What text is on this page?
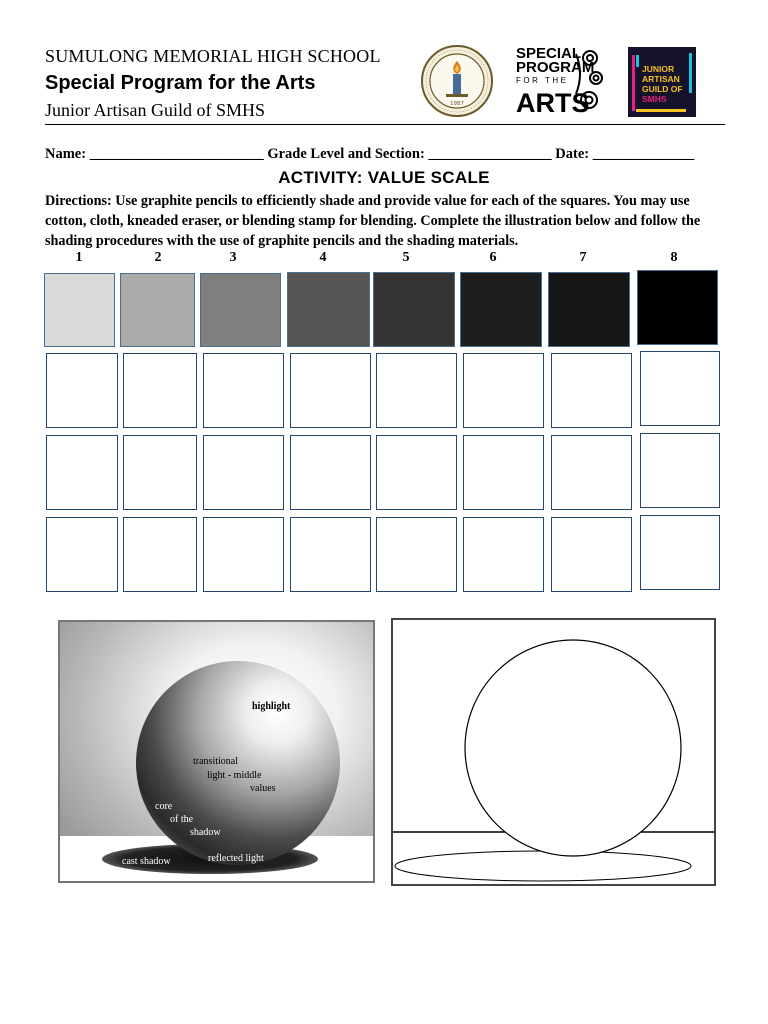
SUMULONG MEMORIAL HIGH SCHOOL
Special Program for the Arts
Junior Artisan Guild of SMHS	1987
SPECIAL
PROGRAM
FOR THE
ARTS
JUNIOR
ARTISAN
GUILD OF
SMHS
Name: ________________________ Grade Level and Section: _________________ Date: ______________
ACTIVITY: VALUE SCALE
Directions: Use graphite pencils to efficiently shade and provide value for each of the squares. You may use cotton, cloth, kneaded eraser, or blending stamp for blending. Complete the illustration below and follow the shading procedures with the use of graphite pencils and the shading materials.
1	2	3	4	5	6	7	8
highlight
transitional
light - middle
values
core
of the
shadow
cast shadow	reflected light
